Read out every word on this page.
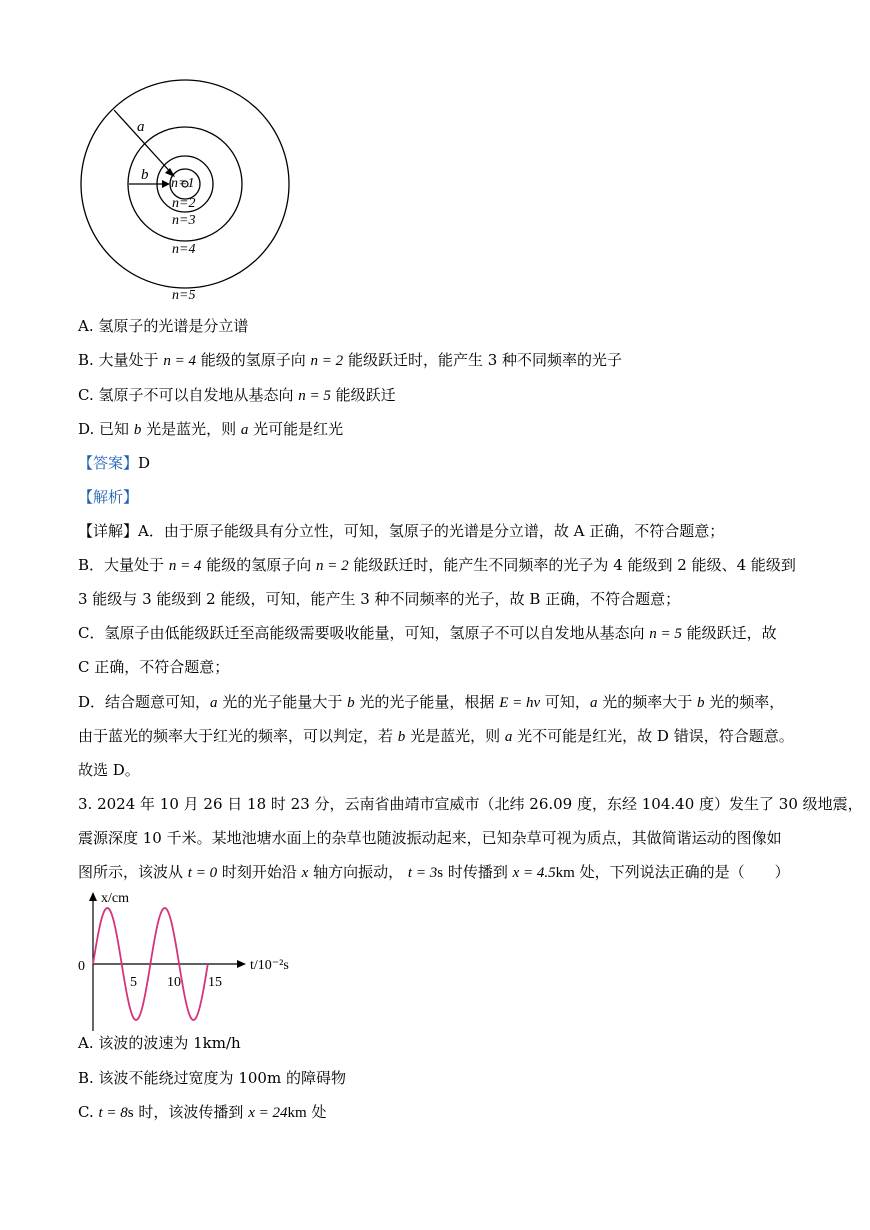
a
b
n=1
n=2
n=3
n=4
n=5

A. 氢原子的光谱是分立谱

B. 大量处于 n = 4 能级的氢原子向 n = 2 能级跃迁时，能产生 3 种不同频率的光子

C. 氢原子不可以自发地从基态向 n = 5 能级跃迁

D. 已知 b 光是蓝光，则 a 光可能是红光

【答案】D

【解析】

【详解】A．由于原子能级具有分立性，可知，氢原子的光谱是分立谱，故 A 正确，不符合题意；

B．大量处于 n = 4 能级的氢原子向 n = 2 能级跃迁时，能产生不同频率的光子为 4 能级到 2 能级、4 能级到

3 能级与 3 能级到 2 能级，可知，能产生 3 种不同频率的光子，故 B 正确，不符合题意；

C．氢原子由低能级跃迁至高能级需要吸收能量，可知，氢原子不可以自发地从基态向 n = 5 能级跃迁，故

C 正确，不符合题意；

D．结合题意可知，a 光的光子能量大于 b 光的光子能量，根据 E = hν 可知，a 光的频率大于 b 光的频率，

由于蓝光的频率大于红光的频率，可以判定，若 b 光是蓝光，则 a 光不可能是红光，故 D 错误，符合题意。

故选 D。

3. 2024 年 10 月 26 日 18 时 23 分，云南省曲靖市宣威市（北纬 26.09 度，东经 104.40 度）发生了 30 级地震，

震源深度 10 千米。某地池塘水面上的杂草也随波振动起来，已知杂草可视为质点，其做简谐运动的图像如

图所示，该波从 t = 0 时刻开始沿 x 轴方向振动， t = 3s 时传播到 x = 4.5km 处，下列说法正确的是（　　）

x/cm
t/10⁻²s
0
5 10 15

A. 该波的波速为 1km/h

B. 该波不能绕过宽度为 100m 的障碍物

C. t = 8s 时，该波传播到 x = 24km 处
